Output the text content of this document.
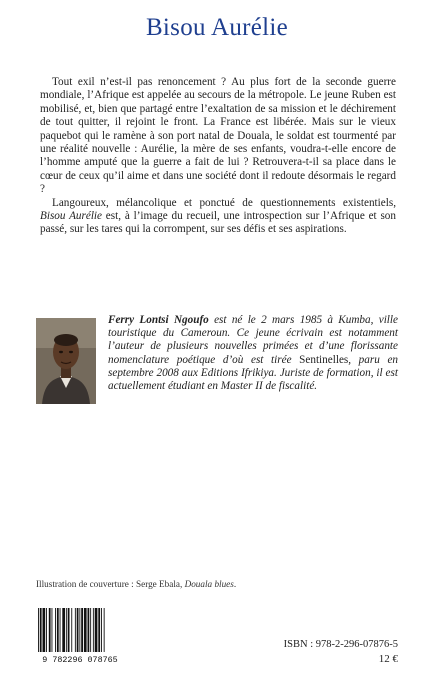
Bisou Aurélie

Tout exil n’est-il pas renoncement ? Au plus fort de la seconde guerre mondiale, l’Afrique est appelée au secours de la métropole. Le jeune Ruben est mobilisé, et, bien que partagé entre l’exaltation de sa mission et le déchirement de tout quitter, il rejoint le front. La France est libérée. Mais sur le vieux paquebot qui le ramène à son port natal de Douala, le soldat est tourmenté par une réalité nouvelle : Aurélie, la mère de ses enfants, voudra-t-elle encore de l’homme amputé que la guerre a fait de lui ? Retrouvera-t-il sa place dans le cœur de ceux qu’il aime et dans une société dont il redoute désormais le regard ?

Langoureux, mélancolique et ponctué de questionnements existentiels, Bisou Aurélie est, à l’image du recueil, une introspection sur l’Afrique et son passé, sur les tares qui la corrompent, sur ses défis et ses aspirations.

Ferry Lontsi Ngoufo est né le 2 mars 1985 à Kumba, ville touristique du Cameroun. Ce jeune écrivain est notamment l’auteur de plusieurs nouvelles primées et d’une florissante nomenclature poétique d’où est tirée Sentinelles, paru en septembre 2008 aux Editions Ifrikiya. Juriste de formation, il est actuellement étudiant en Master II de fiscalité.
Illustration de couverture : Serge Ebala, Douala blues.
9 782296 078765
ISBN : 978-2-296-07876-5
12 €
